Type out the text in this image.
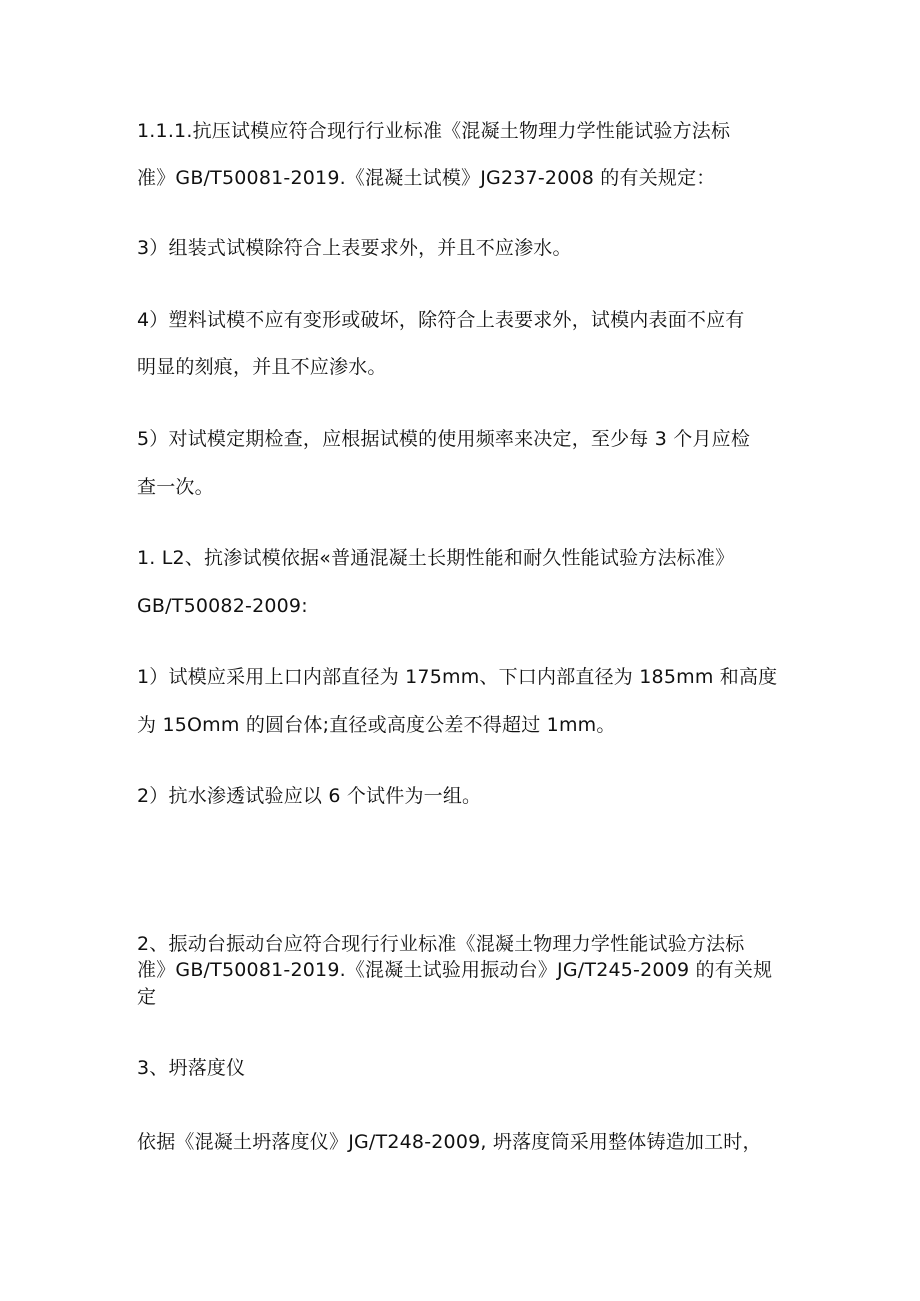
1.1.1.抗压试模应符合现行行业标准《混凝土物理力学性能试验方法标
准》GB/T50081-2019.《混凝土试模》JG237-2008 的有关规定：
3）组装式试模除符合上表要求外，并且不应渗水。
4）塑料试模不应有变形或破坏，除符合上表要求外，试模内表面不应有
明显的刻痕，并且不应渗水。
5）对试模定期检查，应根据试模的使用频率来决定，至少每 3 个月应检
查一次。
1. L2、抗渗试模依据«普通混凝土长期性能和耐久性能试验方法标准》
GB/T50082-2009:
1）试模应采用上口内部直径为 175mm、下口内部直径为 185mm 和高度
为 15Omm 的圆台体;直径或高度公差不得超过 1mm。
2）抗水渗透试验应以 6 个试件为一组。
2、振动台振动台应符合现行行业标准《混凝土物理力学性能试验方法标
准》GB/T50081-2019.《混凝土试验用振动台》JG/T245-2009 的有关规
定
3、坍落度仪
依据《混凝土坍落度仪》JG/T248-2009, 坍落度筒采用整体铸造加工时，
